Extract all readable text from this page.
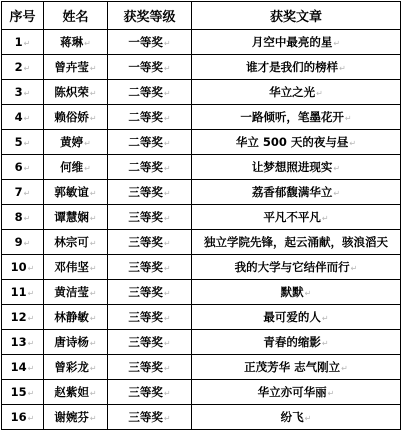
序号	姓名	获奖等级	获奖文章
1↵	蒋琳↵	一等奖↵	月空中最亮的星↵
2↵	曾卉莹↵	一等奖↵	谁才是我们的榜样↵
3↵	陈炽荣↵	二等奖↵	华立之光↵
4↵	赖俗娇↵	二等奖↵	一路倾听，笔墨花开↵
5↵	黄婷↵	二等奖↵	华立 500 天的夜与昼↵
6↵	何维↵	二等奖↵	让梦想照进现实↵
7↵	郭敏谊↵	三等奖↵	荔香郁馥满华立↵
8↵	谭慧娴↵	三等奖↵	平凡不平凡↵
9↵	林宗可↵	三等奖↵	独立学院先锋，起云涌献，骇浪滔天
10↵	邓伟坚↵	三等奖↵	我的大学与它结伴而行↵
11↵	黄洁莹↵	三等奖↵	默默↵
12↵	林静敏↵	三等奖↵	最可爱的人↵
13↵	唐诗杨↵	三等奖↵	青春的缩影↵
14↵	曾彩龙↵	三等奖↵	正茂芳华 志气刚立↵
15↵	赵紫妲↵	三等奖↵	华立亦可华丽↵
16↵	谢婉芬↵	三等奖↵	纷飞↵
